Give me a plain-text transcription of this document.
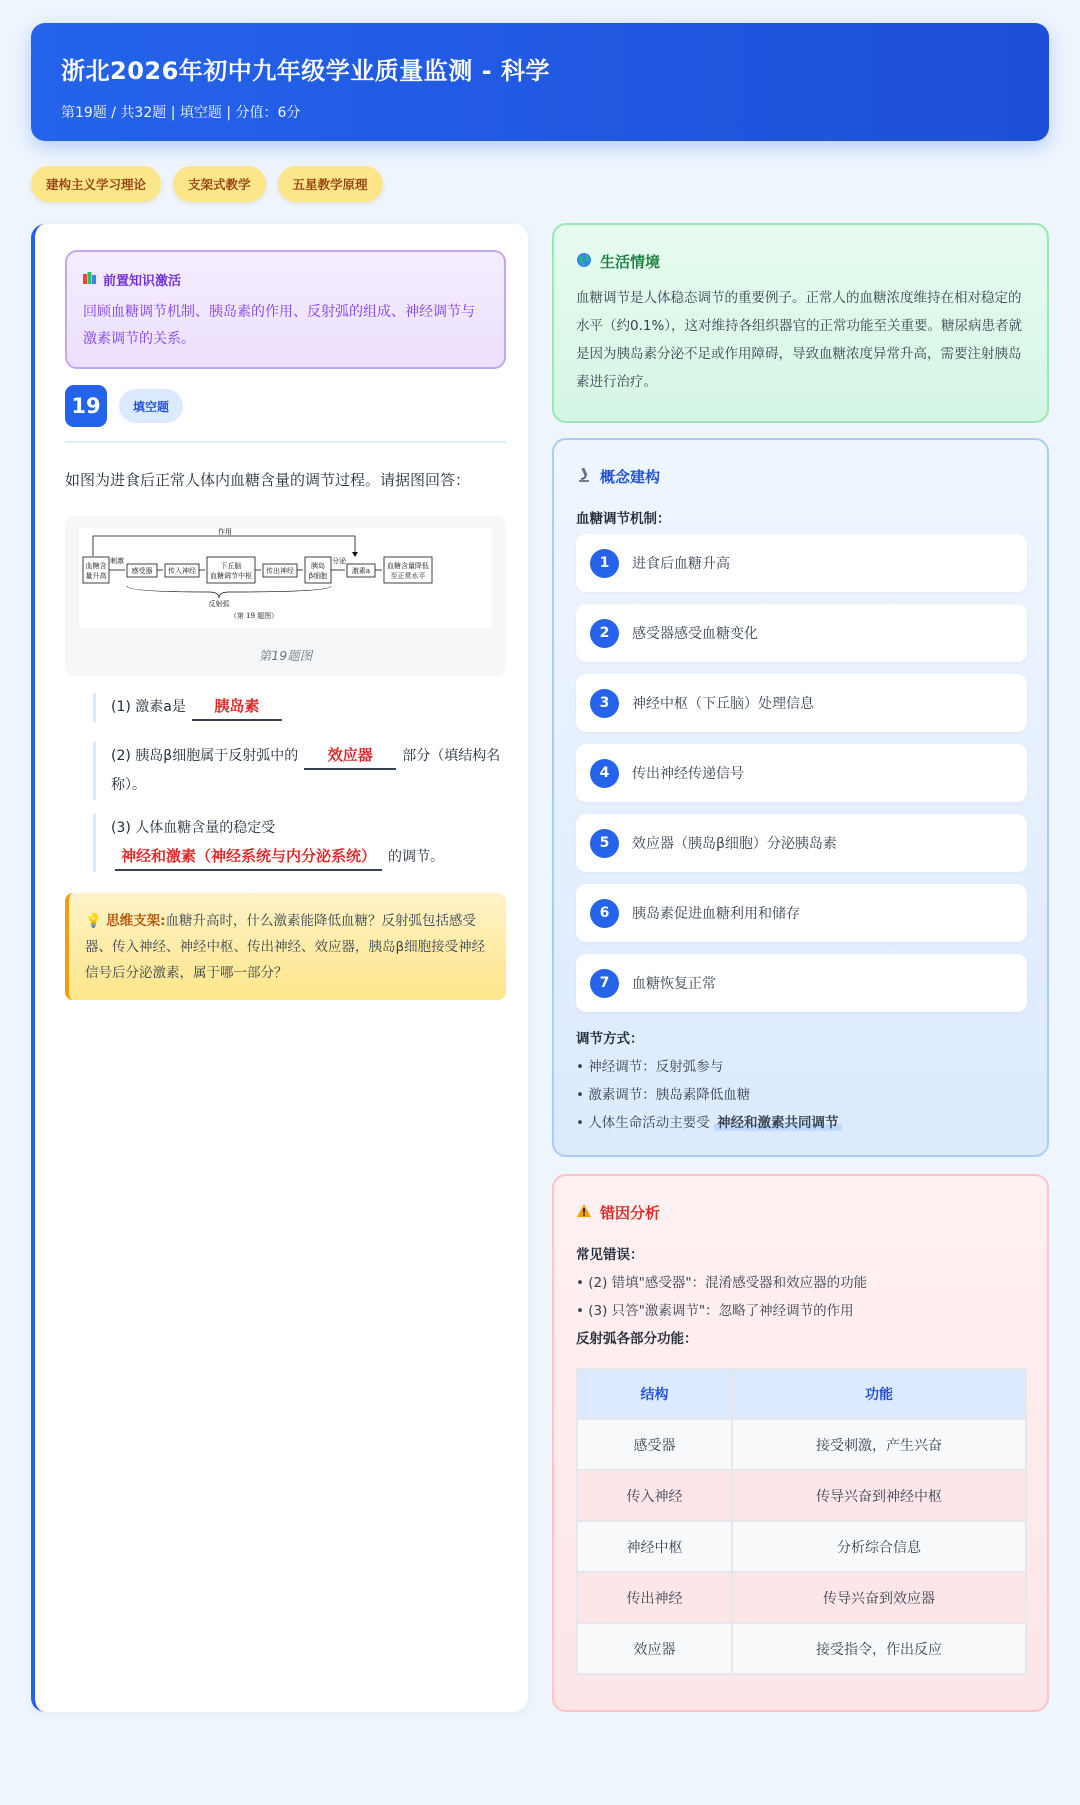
浙北2026年初中九年级学业质量监测 - 科学
第19题 / 共32题 | 填空题 | 分值：6分
建构主义学习理论	支架式教学	五星教学原理
前置知识激活
回顾血糖调节机制、胰岛素的作用、反射弧的组成、神经调节与激素调节的关系。
19	填空题
如图为进食后正常人体内血糖含量的调节过程。请据图回答：
作用
血糖含
量升高
感受器 传入神经
下丘脑
血糖调节中枢
传出神经
胰岛
β细胞
激素a
血糖含量降低
至正常水平
刺激	分泌
反射弧
（第 19 题图）
第19题图
(1) 激素a是 胰岛素
(2) 胰岛β细胞属于反射弧中的 效应器 部分（填结构名称）。
(3) 人体血糖含量的稳定受
神经和激素（神经系统与内分泌系统） 的调节。
💡 思维支架:血糖升高时，什么激素能降低血糖？反射弧包括感受器、传入神经、神经中枢、传出神经、效应器，胰岛β细胞接受神经信号后分泌激素，属于哪一部分？
生活情境
血糖调节是人体稳态调节的重要例子。正常人的血糖浓度维持在相对稳定的水平（约0.1%），这对维持各组织器官的正常功能至关重要。糖尿病患者就是因为胰岛素分泌不足或作用障碍，导致血糖浓度异常升高，需要注射胰岛素进行治疗。
概念建构
血糖调节机制：
1	进食后血糖升高
2	感受器感受血糖变化
3	神经中枢（下丘脑）处理信息
4	传出神经传递信号
5	效应器（胰岛β细胞）分泌胰岛素
6	胰岛素促进血糖利用和储存
7	血糖恢复正常
调节方式：
• 神经调节：反射弧参与
• 激素调节：胰岛素降低血糖
• 人体生命活动主要受 神经和激素共同调节
错因分析
常见错误：
• (2) 错填"感受器"：混淆感受器和效应器的功能
• (3) 只答"激素调节"：忽略了神经调节的作用
反射弧各部分功能：
结构	功能
感受器	接受刺激，产生兴奋
传入神经	传导兴奋到神经中枢
神经中枢	分析综合信息
传出神经	传导兴奋到效应器
效应器	接受指令，作出反应
